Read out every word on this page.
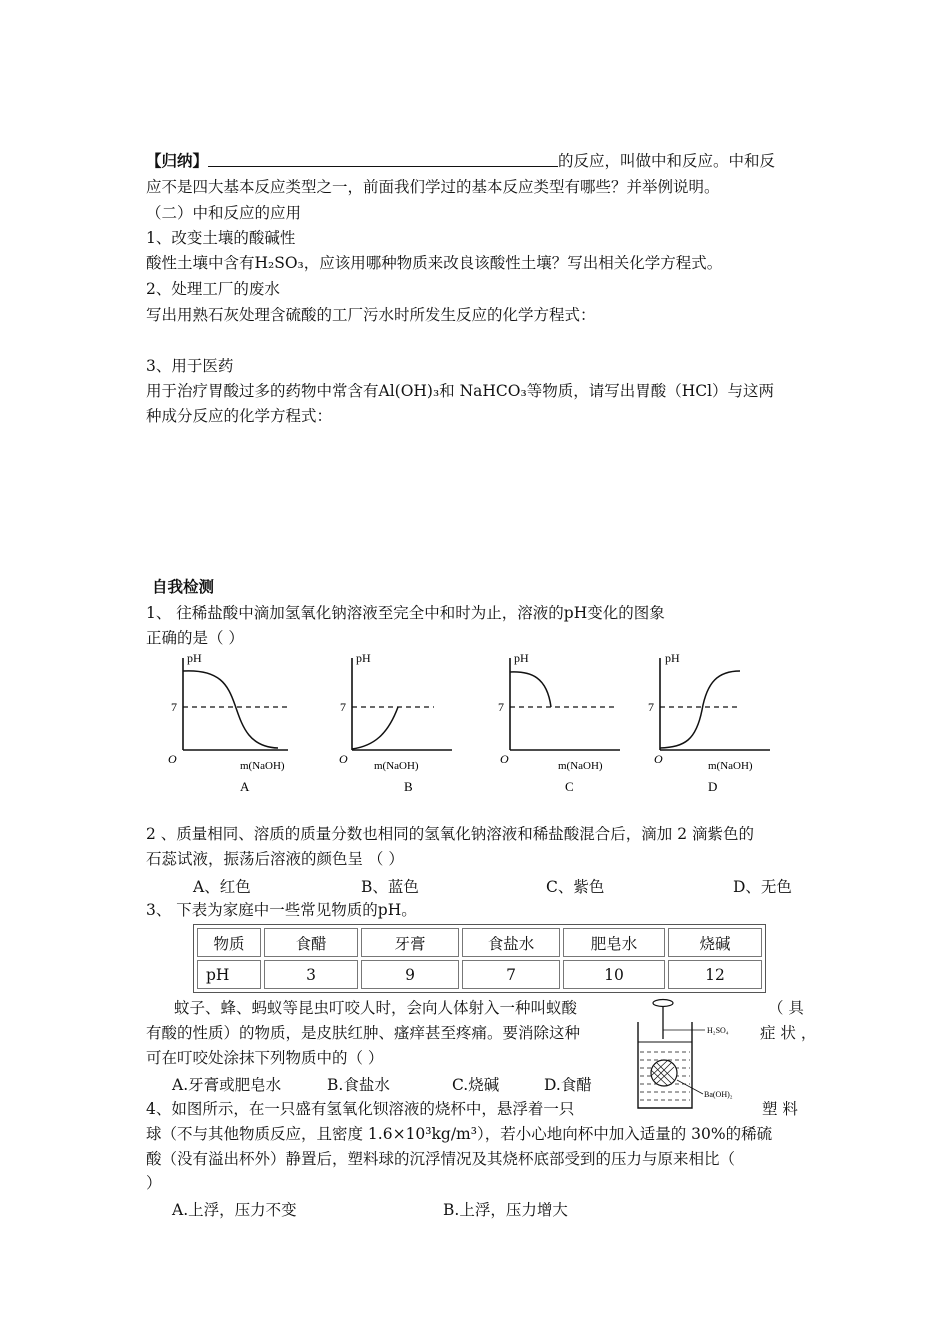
【归纳】	的反应，叫做中和反应。中和反
应不是四大基本反应类型之一，前面我们学过的基本反应类型有哪些？并举例说明。
（二）中和反应的应用
1、改变土壤的酸碱性
酸性土壤中含有H₂SO₃，应该用哪种物质来改良该酸性土壤？写出相关化学方程式。
2、处理工厂的废水
写出用熟石灰处理含硫酸的工厂污水时所发生反应的化学方程式：
3、用于医药
用于治疗胃酸过多的药物中常含有Al(OH)₃和 NaHCO₃等物质，请写出胃酸（HCl）与这两
种成分反应的化学方程式：
自我检测
1、 往稀盐酸中滴加氢氧化钠溶液至完全中和时为止，溶液的pH变化的图象
正确的是（ ）
pH
7
O	m(NaOH)
A
pH
7
O m(NaOH)
B
pH
7
O	m(NaOH)
C
pH
7
O	m(NaOH)
D
2 、质量相同、溶质的质量分数也相同的氢氧化钠溶液和稀盐酸混合后，滴加 2 滴紫色的
石蕊试液，振荡后溶液的颜色呈 （ ）
A、红色	B、蓝色	C、紫色	D、无色
3、 下表为家庭中一些常见物质的pH。
物质	食醋	牙膏	食盐水	肥皂水	烧碱
pH	3	9	7	10	12
蚊子、蜂、蚂蚁等昆虫叮咬人时，会向人体射入一种叫蚁酸	（ 具
有酸的性质）的物质，是皮肤红肿、瘙痒甚至疼痛。要消除这种	症 状 ，
可在叮咬处涂抹下列物质中的（ ）
A.牙膏或肥皂水	B.食盐水	C.烧碱	D.食醋
H₂SO₄
Ba(OH)₂
4、如图所示，在一只盛有氢氧化钡溶液的烧杯中，悬浮着一只	塑 料
球（不与其他物质反应，且密度 1.6×10³kg/m³），若小心地向杯中加入适量的 30%的稀硫
酸（没有溢出杯外）静置后，塑料球的沉浮情况及其烧杯底部受到的压力与原来相比（
）
A.上浮，压力不变	B.上浮，压力增大
